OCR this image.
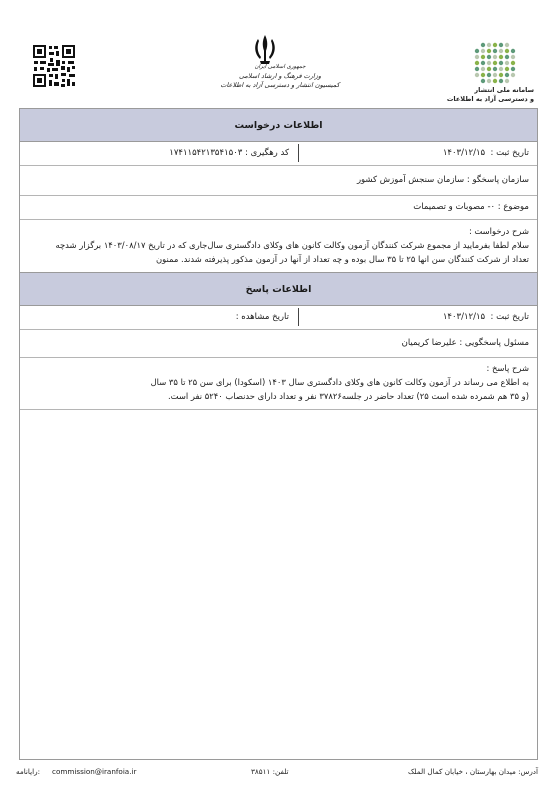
جمهوری اسلامی ایران
وزارت فرهنگ و ارشاد اسلامی
کمیسیون انتشار و دسترسی آزاد به اطلاعات
سامانه ملی انتشار
و دسترسی آزاد به اطلاعات
اطلاعات درخواست
تاریخ ثبت :

۱۴۰۳/۱۲/۱۵
کد رهگیری :

۱۷۴۱۱۵۴۲۱۳۵۴۱۵۰۳
سازمان پاسخگو :

سازمان سنجش آموزش کشور
موضوع :

۰- مصوبات و تصمیمات
شرح درخواست :
سلام لطفا بفرمایید از مجموع شرکت کنندگان آزمون وکالت کانون های وکلای دادگستری سال‌جاری که در تاریخ ۱۴۰۳/۰۸/۱۷ برگزار شدچه
تعداد از شرکت کنندگان سن انها ۲۵ تا ۳۵ سال بوده و چه تعداد از آنها در آزمون مذکور پذیرفته شدند. ممنون
اطلاعات پاسخ
تاریخ ثبت :

۱۴۰۳/۱۲/۱۵
تاریخ مشاهده :

مسئول پاسخگویی :

علیرضا کریمیان
شرح پاسخ :
به اطلاع می رساند در آزمون وکالت کانون های وکلای دادگستری سال ۱۴۰۳ (اسکودا) برای سن ۲۵ تا ۳۵ سال
(و ۳۵ هم شمرده شده است ۲۵) تعداد حاضر در جلسه۳۷۸۲۶ نفر و تعداد دارای حدنصاب ۵۲۴۰ نفر است.
رایانامه: commission@iranfoia.ir	تلفن: ۳۸۵۱۱	آدرس: میدان بهارستان ، خیابان کمال الملک
